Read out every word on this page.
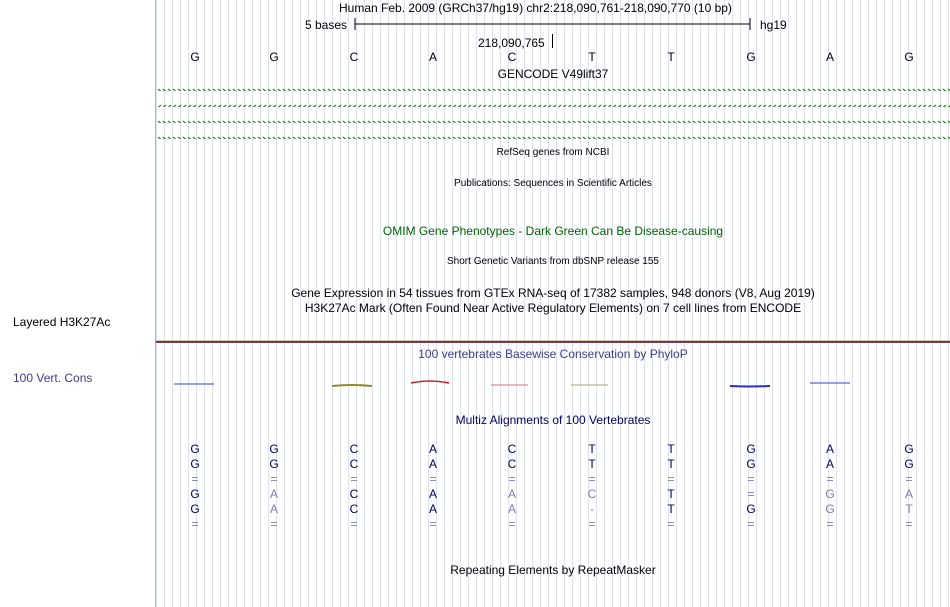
Layered H3K27Ac
100 Vert. Cons
Human Feb. 2009 (GRCh37/hg19) chr2:218,090,761-218,090,770 (10 bp)
5 bases	hg19
218,090,765
G	G	C	A	C	T	T	G	A	G
GENCODE V49lift37
RefSeq genes from NCBI
Publications: Sequences in Scientific Articles
OMIM Gene Phenotypes - Dark Green Can Be Disease-causing
Short Genetic Variants from dbSNP release 155
Gene Expression in 54 tissues from GTEx RNA-seq of 17382 samples, 948 donors (V8, Aug 2019)
H3K27Ac Mark (Often Found Near Active Regulatory Elements) on 7 cell lines from ENCODE
100 vertebrates Basewise Conservation by PhyloP
Multiz Alignments of 100 Vertebrates
G	G	C	A	C	T	T	G	A	G
G	G	C	A	C	T	T	G	A	G
=	=	=	=	=	=	=	=	=	=
G	A	C	A	A	C	T	=	G	A
G	A	C	A	A	-	T	G	G	T
=	=	=	=	=	=	=	=	=	=
Repeating Elements by RepeatMasker
